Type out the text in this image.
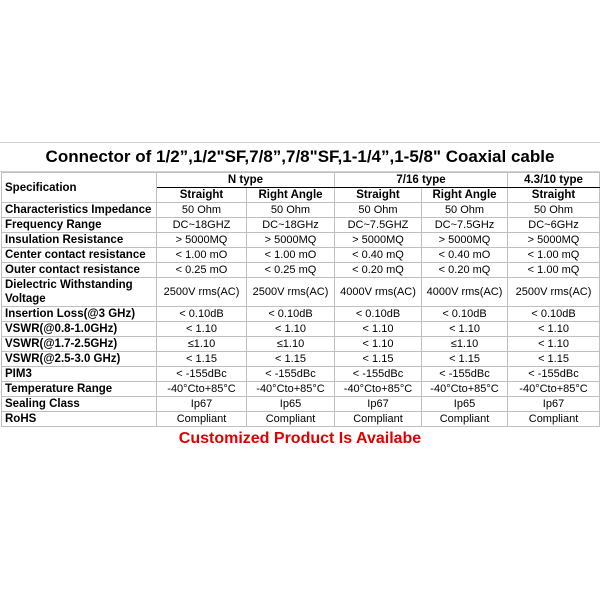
Connector of 1/2”,1/2"SF,7/8”,7/8"SF,1-1/4”,1-5/8" Coaxial cable
Specification	N type		7/16 type		4.3/10 type
	Straight	Right Angle	Straight	Right Angle	Straight
Characteristics Impedance	50 Ohm	50 Ohm	50 Ohm	50 Ohm	50 Ohm
Frequency Range	DC~18GHZ	DC~18GHz	DC~7.5GHZ	DC~7.5GHz	DC~6GHz
Insulation Resistance	> 5000MQ	> 5000MQ	> 5000MQ	> 5000MQ	> 5000MQ
Center contact resistance	< 1.00 mO	< 1.00 mO	< 0.40 mQ	< 0.40 mO	< 1.00 mQ
Outer contact resistance	< 0.25 mO	< 0.25 mQ	< 0.20 mQ	< 0.20 mQ	< 1.00 mQ
Dielectric Withstanding Voltage	2500V rms(AC)	2500V rms(AC)	4000V rms(AC)	4000V rms(AC)	2500V rms(AC)
Insertion Loss(@3 GHz)	< 0.10dB	< 0.10dB	< 0.10dB	< 0.10dB	< 0.10dB
VSWR(@0.8-1.0GHz)	< 1.10	< 1.10	< 1.10	< 1.10	< 1.10
VSWR(@1.7-2.5GHz)	≤1.10	≤1.10	< 1.10	≤1.10	< 1.10
VSWR(@2.5-3.0 GHz)	< 1.15	< 1.15	< 1.15	< 1.15	< 1.15
PIM3	< -155dBc	< -155dBc	< -155dBc	< -155dBc	< -155dBc
Temperature Range	-40°Cto+85°C	-40°Cto+85°C	-40°Cto+85°C	-40°Cto+85°C	-40°Cto+85°C
Sealing Class	Ip67	Ip65	Ip67	Ip65	Ip67
RoHS	Compliant	Compliant	Compliant	Compliant	Compliant
Customized Product Is Availabe
